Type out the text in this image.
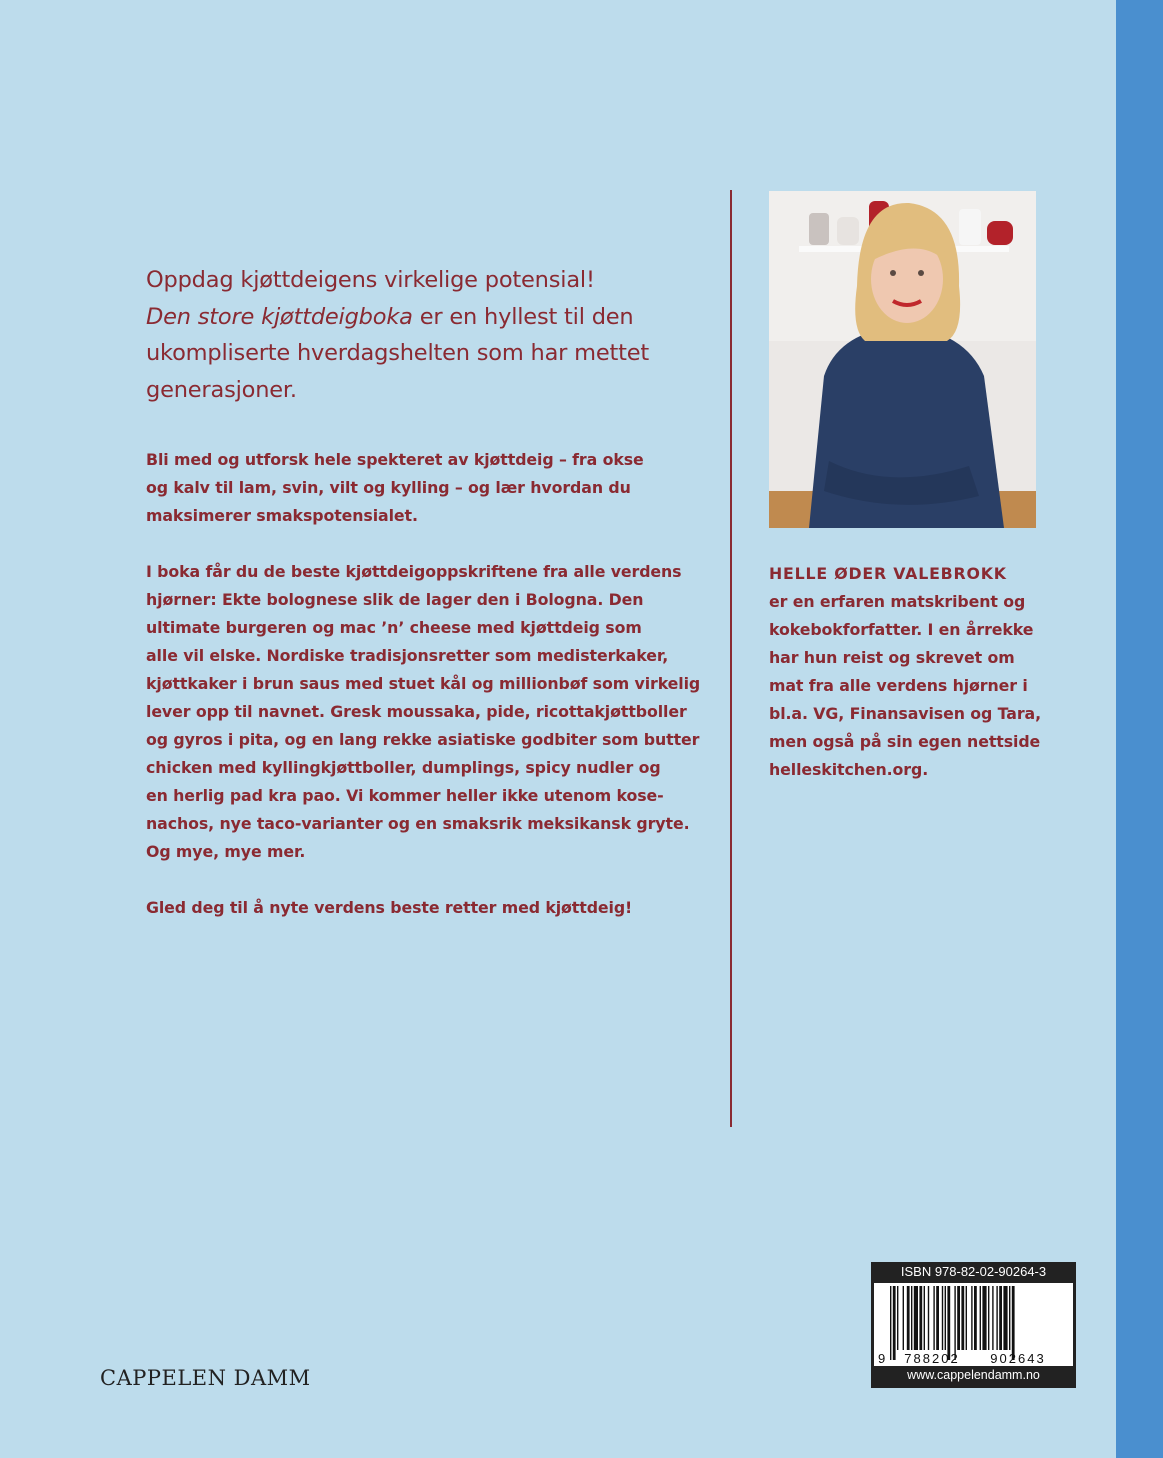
Oppdag kjøttdeigens virkelige potensial!
Den store kjøttdeigboka er en hyllest til den
ukompliserte hverdagshelten som har mettet
generasjoner.

Bli med og utforsk hele spekteret av kjøttdeig – fra okse
og kalv til lam, svin, vilt og kylling – og lær hvordan du
maksimerer smakspotensialet.

I boka får du de beste kjøttdeigoppskriftene fra alle verdens
hjørner: Ekte bolognese slik de lager den i Bologna. Den
ultimate burgeren og mac ’n’ cheese med kjøttdeig som
alle vil elske. Nordiske tradisjonsretter som medisterkaker,
kjøttkaker i brun saus med stuet kål og millionbøf som virkelig
lever opp til navnet. Gresk moussaka, pide, ricottakjøttboller
og gyros i pita, og en lang rekke asiatiske godbiter som butter
chicken med kyllingkjøttboller, dumplings, spicy nudler og
en herlig pad kra pao. Vi kommer heller ikke utenom kose-
nachos, nye taco-varianter og en smaksrik meksikansk gryte.
Og mye, mye mer.

Gled deg til å nyte verdens beste retter med kjøttdeig!

HELLE ØDER VALEBROKK
er en erfaren matskribent og
kokebokforfatter. I en årrekke
har hun reist og skrevet om
mat fra alle verdens hjørner i
bl.a. VG, Finansavisen og Tara,
men også på sin egen nettside
helleskitchen.org.
CAPPELEN DAMM
ISBN 978-82-02-90264-3
9 788202 902643
www.cappelendamm.no
